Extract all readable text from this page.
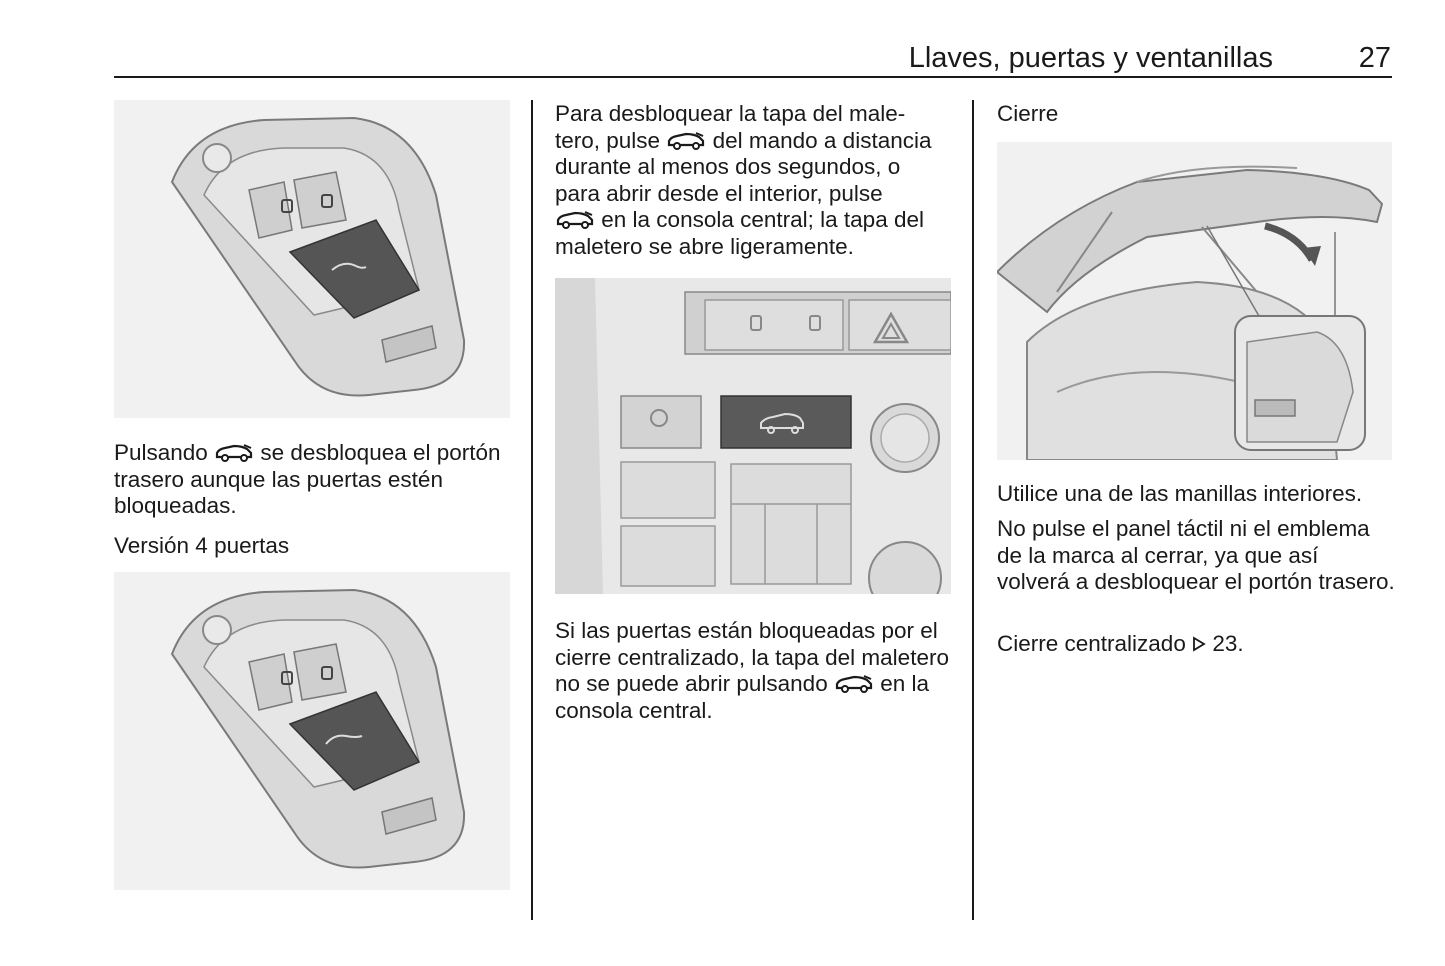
Llaves, puertas y ventanillas	27

Pulsando se desbloquea el portón trasero aunque las puertas estén bloqueadas.

Versión 4 puertas

Para desbloquear la tapa del male-
tero, pulse del mando a distancia
durante al menos dos segundos, o
para abrir desde el interior, pulse
en la consola central; la tapa del
maletero se abre ligeramente.

Si las puertas están bloqueadas por el cierre centralizado, la tapa del maletero no se puede abrir pulsando en la consola central.

Cierre

Utilice una de las manillas interiores.

No pulse el panel táctil ni el emblema de la marca al cerrar, ya que así volverá a desbloquear el portón trasero.

Cierre centralizado 23.
